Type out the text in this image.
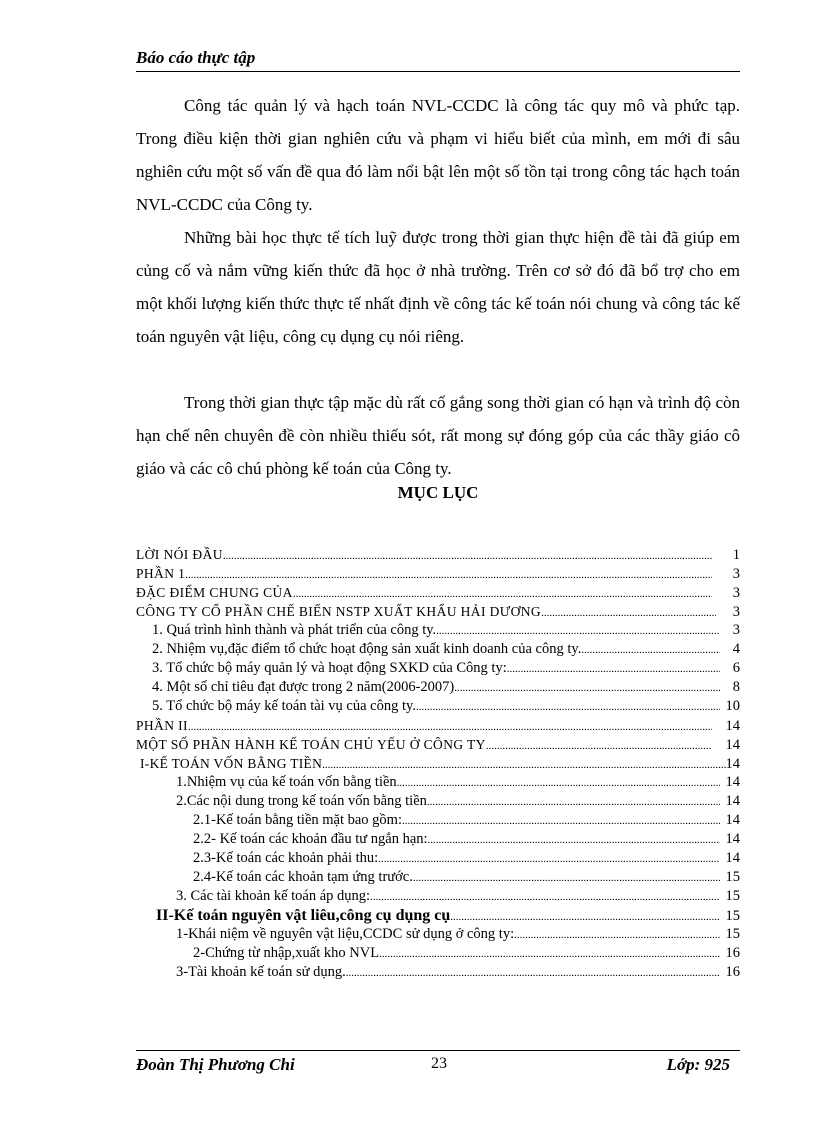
Báo cáo thực tập

Công tác quản lý và hạch toán NVL-CCDC là công tác quy mô và phức tạp. Trong điều kiện thời gian nghiên cứu và phạm vi hiểu biết của mình, em mới đi sâu nghiên cứu một số vấn đề qua đó làm nổi bật lên một số tồn tại trong công tác hạch toán NVL-CCDC của Công ty.

Những bài học thực tế tích luỹ được trong thời gian thực hiện đề tài đã giúp em củng cố và nắm vững kiến thức đã học ở nhà trường. Trên cơ sở đó đã bổ trợ cho em một khối lượng kiến thức thực tế nhất định về công tác kế toán nói chung và công tác kế toán nguyên vật liệu, công cụ dụng cụ nói riêng.

Trong thời gian thực tập mặc dù rất cố gắng song thời gian có hạn và trình độ còn hạn chế nên chuyên đề còn nhiều thiếu sót, rất mong sự đóng góp của các thầy giáo cô giáo và các cô chú phòng kế toán của Công ty.

MỤC LỤC
LỜI NÓI ĐẦU .....	1
PHẦN 1 .....	3
ĐẶC ĐIỂM CHUNG CỦA .....	3
CÔNG TY CỔ PHẦN CHẾ BIẾN NSTP XUẤT KHẨU HẢI DƯƠNG .....	3
1. Quá trình hình thành và phát triển của công ty. .....	3
2. Nhiệm vụ,đặc điểm tổ chức hoạt động sản xuất kinh doanh của công ty. .....	4
3. Tổ chức bộ máy quản lý và hoạt động SXKD của Công ty: .....	6
4. Một số chỉ tiêu đạt được trong 2 năm(2006-2007) .....	8
5. Tổ chức bộ máy kế toán tài vụ của công ty. .....	10
PHẦN II .....	14
MỘT SỐ PHẦN HÀNH KẾ TOÁN CHỦ YẾU Ở CÔNG TY .....	14
I-KẾ TOÁN VỐN BẰNG TIỀN .....	14
1.Nhiệm vụ của kế toán vốn bằng tiền .....	14
2.Các nội dung trong kế toán vốn bằng tiền .....	14
2.1-Kế toán bằng tiền mặt bao gồm: .....	14
2.2- Kế toán các khoản đầu tư ngắn hạn: .....	14
2.3-Kế toán các khoản phải thu: .....	14
2.4-Kế toán các khoản tạm ứng trước. .....	15
3. Các tài khoản kế toán áp dụng: .....	15
II-Kế toán nguyên vật liêu,công cụ dụng cụ .....	15
1-Khái niệm về nguyên vật liệu,CCDC sử dụng ở công ty: .....	15
2-Chứng từ nhập,xuất kho NVL .....	16
3-Tài khoản kế toán sử dụng. .....	16
Đoàn Thị Phương Chi	23	Lớp: 925
